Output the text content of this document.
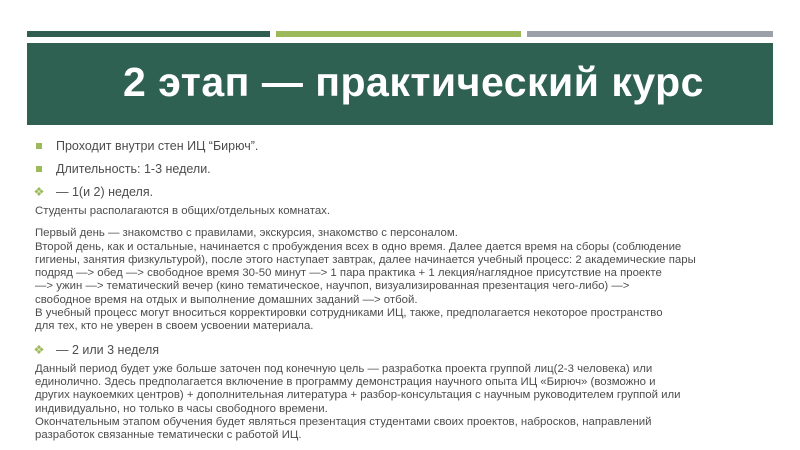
2 этап — практический курс
Проходит внутри стен ИЦ “Бирюч”.
Длительность: 1-3 недели.
❖ — 1(и 2) неделя.

Студенты располагаются в общих/отдельных комнатах.

Первый день — знакомство с правилами, экскурсия, знакомство с персоналом.
Второй день, как и остальные, начинается с пробуждения всех в одно время. Далее дается время на сборы (соблюдение
гигиены, занятия физкультурой), после этого наступает завтрак, далее начинается учебный процесс: 2 академические пары
подряд —> обед —> свободное время 30-50 минут —> 1 пара практика + 1 лекция/наглядное присутствие на проекте
—> ужин —> тематический вечер (кино тематическое, научпоп, визуализированная презентация чего-либо) —>
свободное время на отдых и выполнение домашних заданий —> отбой.
В учебный процесс могут вноситься корректировки сотрудниками ИЦ, также, предполагается некоторое пространство
для тех, кто не уверен в своем усвоении материала.

❖ — 2 или 3 неделя

Данный период будет уже больше заточен под конечную цель — разработка проекта группой лиц(2-3 человека) или
единолично. Здесь предполагается включение в программу демонстрация научного опыта ИЦ «Бирюч» (возможно и
других наукоемких центров) + дополнительная литература + разбор-консультация с научным руководителем группой или
индивидуально, но только в часы свободного времени.
Окончательным этапом обучения будет являться презентация студентами своих проектов, набросков, направлений
разработок связанные тематически с работой ИЦ.
